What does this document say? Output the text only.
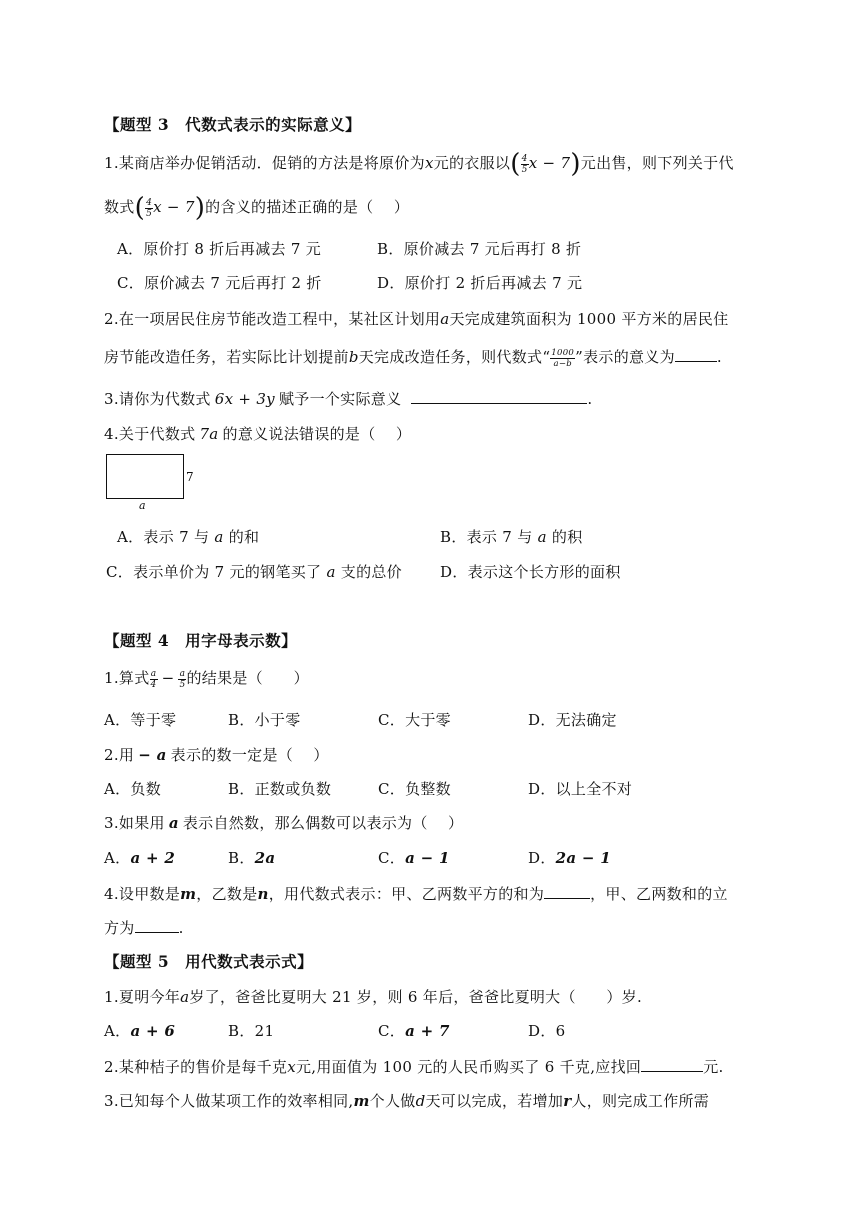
【题型 3　代数式表示的实际意义】
1.某商店举办促销活动．促销的方法是将原价为x元的衣服以( $\frac{4}{5}$ x − 7)元出售，则下列关于代
数式( $\frac{4}{5}$ x − 7)的含义的描述正确的是（　 ）
A．原价打 8 折后再减去 7 元	B．原价减去 7 元后再打 8 折
C．原价减去 7 元后再打 2 折	D．原价打 2 折后再减去 7 元
2.在一项居民住房节能改造工程中，某社区计划用a天完成建筑面积为 1000 平方米的居民住
房节能改造任务，若实际比计划提前b天完成改造任务，则代数式“ $\frac{1000}{a-b}$ ”表示的意义为	.
3.请你为代数式 6x + 3y 赋予一个实际意义	.
4.关于代数式 7a 的意义说法错误的是（　 ）
7
a
A．表示 7 与 a 的和	B．表示 7 与 a 的积
C．表示单价为 7 元的钢笔买了 a 支的总价	D．表示这个长方形的面积
【题型 4　用字母表示数】
1.算式 $\frac{a}{4} - \frac{a}{5}$ 的结果是（　　）
A．等于零	B．小于零	C．大于零	D．无法确定
2.用 − a 表示的数一定是（　 ）
A．负数	B．正数或负数	C．负整数	D．以上全不对
3.如果用 a 表示自然数，那么偶数可以表示为（　 ）
A．a + 2	B．2a	C．a − 1	D．2a − 1
4.设甲数是m，乙数是n，用代数式表示：甲、乙两数平方的和为	，甲、乙两数和的立
方为	.
【题型 5　用代数式表示式】
1.夏明今年a岁了，爸爸比夏明大 21 岁，则 6 年后，爸爸比夏明大（　　）岁.
A．a + 6	B．21	C．a + 7	D．6
2.某种桔子的售价是每千克x元,用面值为 100 元的人民币购买了 6 千克,应找回	元.
3.已知每个人做某项工作的效率相同,m个人做d天可以完成，若增加r人，则完成工作所需
